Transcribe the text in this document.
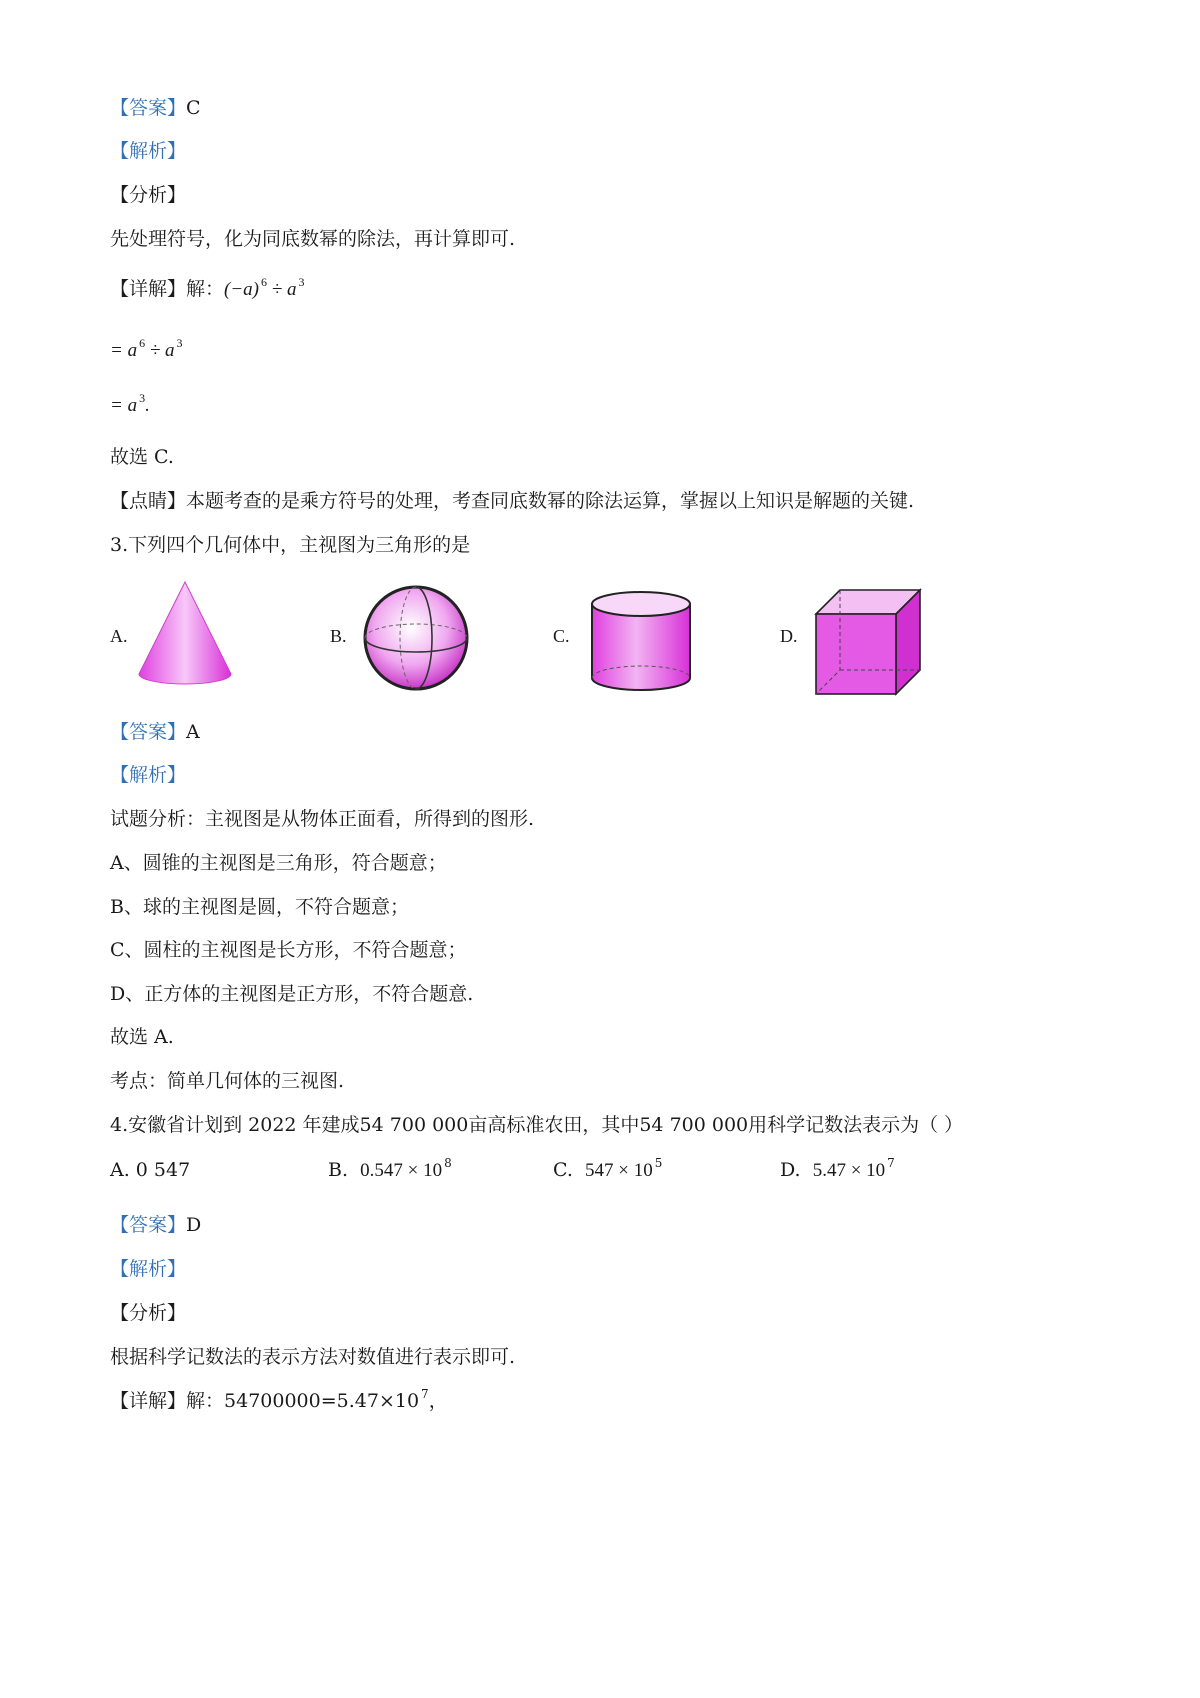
【答案】C
【解析】
【分析】
先处理符号，化为同底数幂的除法，再计算即可.
【详解】解：(−a) $^6$ ÷ a $^3$
= a $^6$ ÷ a $^3$
= a $^3$.
故选 C.
【点睛】本题考查的是乘方符号的处理，考查同底数幂的除法运算，掌握以上知识是解题的关键.
3.下列四个几何体中，主视图为三角形的是
A.	B.	C.	D.
【答案】A
【解析】
试题分析：主视图是从物体正面看，所得到的图形.
A、圆锥的主视图是三角形，符合题意；
B、球的主视图是圆，不符合题意；
C、圆柱的主视图是长方形，不符合题意；
D、正方体的主视图是正方形，不符合题意.
故选 A.
考点：简单几何体的三视图.
4.安徽省计划到 2022 年建成54 700 000亩高标准农田，其中54 700 000用科学记数法表示为（ ）
A. 0 547	B. 0.547 × 10 $^8$	C. 547 × 10 $^5$	D. 5.47 × 10 $^7$
【答案】D
【解析】
【分析】
根据科学记数法的表示方法对数值进行表示即可.
【详解】解：54700000=5.47×10 $^7$，
